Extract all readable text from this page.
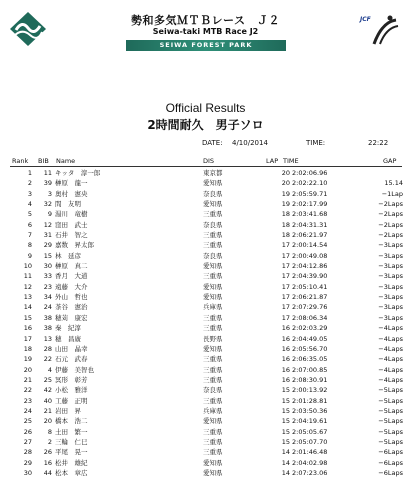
勢和多気ＭＴＢレース　Ｊ２
Seiwa-taki MTB Race J2
SEIWA FOREST PARK
JCF
Official Results
2時間耐久　男子ソロ
DATE: 4/10/2014	TIME:	22:22
Rank BIB Name	DIS	LAP TIME	GAP
1	11 キッタ　淳一郎	東京都	20 2:02:06.96
2	39 榊原　龍一	愛知県	20 2:02:22.10	15.14
3	3 奥村　憲央	奈良県	19 2:05:59.71	−1Lap
4	32 間　友明	愛知県	19 2:02:17.99	−2Laps
5	9 湯川　竜樹	三重県	18 2:03:41.68	−2Laps
6	12 窪田　武士	奈良県	18 2:04:31.31	−2Laps
7	31 石井　智之	三重県	18 2:06:21.97	−2Laps
8	29 嘉数　昇太郎	三重県	17 2:00:14.54	−3Laps
9	15 林　延彦	奈良県	17 2:00:49.08	−3Laps
10	30 榊原　真二	愛知県	17 2:04:12.86	−3Laps
11	33 香月　大道	三重県	17 2:04:39.90	−3Laps
12	23 遠藤　大介	愛知県	17 2:05:10.41	−3Laps
13	34 外山　哲也	愛知県	17 2:06:21.87	−3Laps
14	24 茶谷　憲治	兵庫県	17 2:07:29.76	−3Laps
15	38 穂苅　康宏	三重県	17 2:08:06.34	−3Laps
16	38 秦　紀淳	三重県	16 2:02:03.29	−4Laps
17	13 穂　昌廣	長野県	16 2:04:49.05	−4Laps
18	28 山田　晶幸	愛知県	16 2:05:56.70	−4Laps
19	22 石元　武春	三重県	16 2:06:35.05	−4Laps
20	4 伊藤　美智也	三重県	16 2:07:00.85	−4Laps
21	25 冥形　彰芳	三重県	16 2:08:30.91	−4Laps
22	42 小松　雅洋	奈良県	15 2:00:13.92	−5Laps
23	40 工藤　正明	三重県	15 2:01:28.81	−5Laps
24	21 岩田　昇	兵庫県	15 2:03:50.36	−5Laps
25	20 橋本　浩二	愛知県	15 2:04:19.61	−5Laps
26	8 土田　繁一	三重県	15 2:05:05.67	−5Laps
27	2 三輪　仁巳	三重県	15 2:05:07.70	−5Laps
28	26 平尾　晃一	三重県	14 2:01:46.48	−6Laps
29	16 松井　雄紀	愛知県	14 2:04:02.98	−6Laps
30	44 松本　章広	愛知県	14 2:07:23.06	−6Laps
